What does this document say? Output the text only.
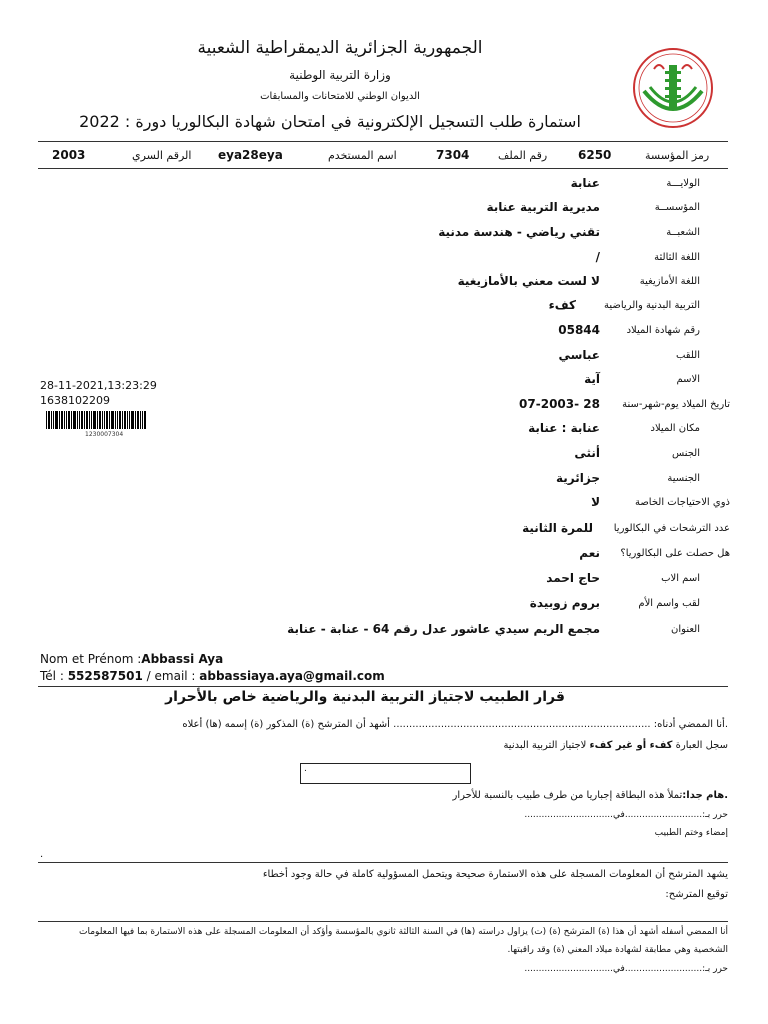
الجمهورية الجزائرية الديمقراطية الشعبية
وزارة التربية الوطنية
الديوان الوطني للامتحانات والمسابقات
استمارة طلب التسجيل الإلكترونية في امتحان شهادة البكالوريا دورة : 2022
رمز المؤسسة
6250
رقم الملف
7304
اسم المستخدم
eya28eya
الرقم السري
2003
الولايـــة
عنابة
المؤسســة
مديرية التربية عنابة
الشعبــة
تقني رياضي - هندسة مدنية
اللغة الثالثة
/
اللغة الأمازيغية
لا لست معني بالأمازيغية
التربية البدنية والرياضية
كفء
رقم شهادة الميلاد
05844
اللقب
عباسي
الاسم
آية
تاريخ الميلاد يوم-شهر-سنة
28 -07-2003
مكان الميلاد
عنابة : عنابة
الجنس
أنثى
الجنسية
جزائرية
ذوي الاحتياجات الخاصة
لا
عدد الترشحات في البكالوريا
للمرة الثانية
هل حصلت على البكالوريا؟
نعم
اسم الاب
حاج احمد
لقب واسم الأم
بروم زوبيدة
العنوان
مجمع الريم سيدي عاشور عدل رقم 64 - عنابة - عنابة
28-11-2021,13:23:29
1638102209
1230007304
Nom et Prénom :Abbassi Aya
Tél : 552587501 / email : abbassiaya.aya@gmail.com
قرار الطبيب لاجتياز التربية البدنية والرياضية خاص بالأحرار
.أنا الممضي أدناه: ................................................................................. أشهد أن المترشح (ة) المذكور (ة) إسمه (ها) أعلاه
سجل العبارة كفء أو غير كفء لاجتياز التربية البدنية
.
.هام جدا:تملأ هذه البطاقة إجباريا من طرف طبيب بالنسبة للأحرار
حرر بـ:...........................في...............................
إمضاء وختم الطبيب
.
يشهد المترشح أن المعلومات المسجلة على هذه الاستمارة صحيحة ويتحمل المسؤولية كاملة في حالة وجود أخطاء
توقيع المترشح:
أنا الممضي أسفله أشهد أن هذا (ة) المترشح (ة) (ت) يزاول دراسته (ها) في السنة الثالثة ثانوي بالمؤسسة وأؤكد أن المعلومات المسجلة على هذه الاستمارة بما فيها المعلومات
الشخصية وهي مطابقة لشهادة ميلاد المعني (ة) وقد راقبتها.
حرر بـ:...........................في...............................
